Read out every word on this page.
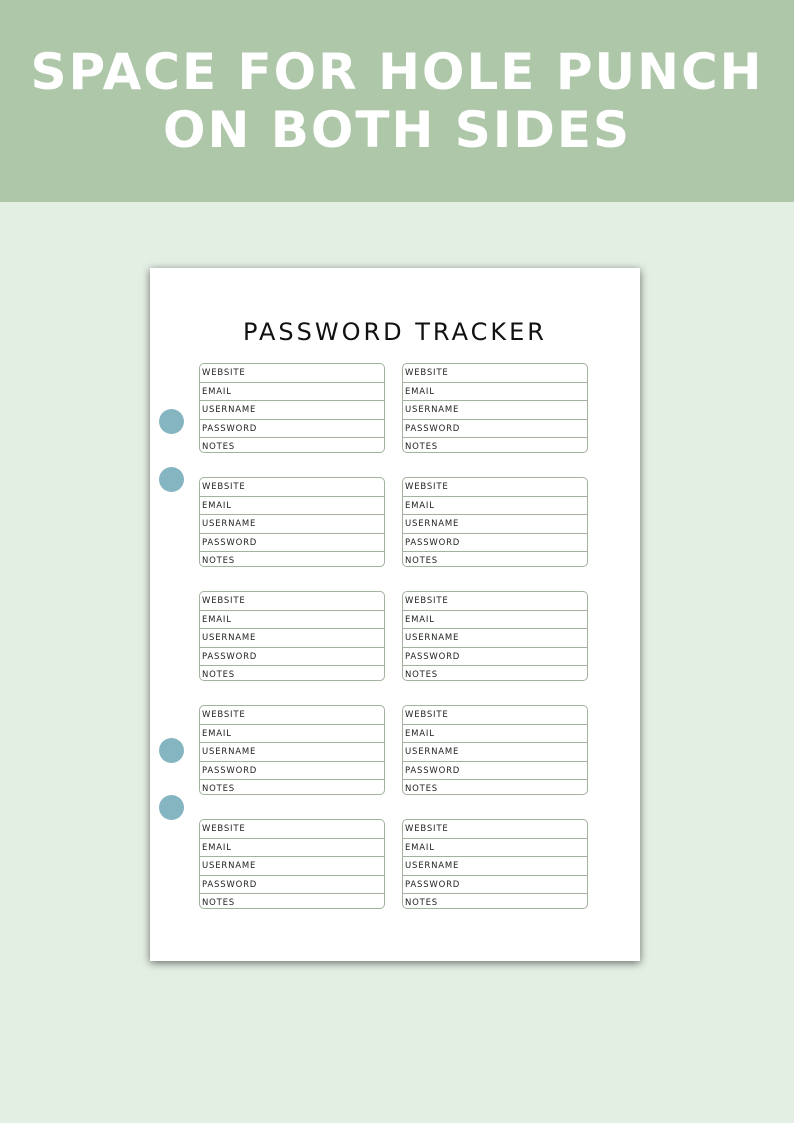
SPACE FOR HOLE PUNCH
ON BOTH SIDES
PASSWORD TRACKER
WEBSITE
EMAIL
USERNAME
PASSWORD
NOTES
WEBSITE
EMAIL
USERNAME
PASSWORD
NOTES
WEBSITE
EMAIL
USERNAME
PASSWORD
NOTES
WEBSITE
EMAIL
USERNAME
PASSWORD
NOTES
WEBSITE
EMAIL
USERNAME
PASSWORD
NOTES
WEBSITE
EMAIL
USERNAME
PASSWORD
NOTES
WEBSITE
EMAIL
USERNAME
PASSWORD
NOTES
WEBSITE
EMAIL
USERNAME
PASSWORD
NOTES
WEBSITE
EMAIL
USERNAME
PASSWORD
NOTES
WEBSITE
EMAIL
USERNAME
PASSWORD
NOTES
